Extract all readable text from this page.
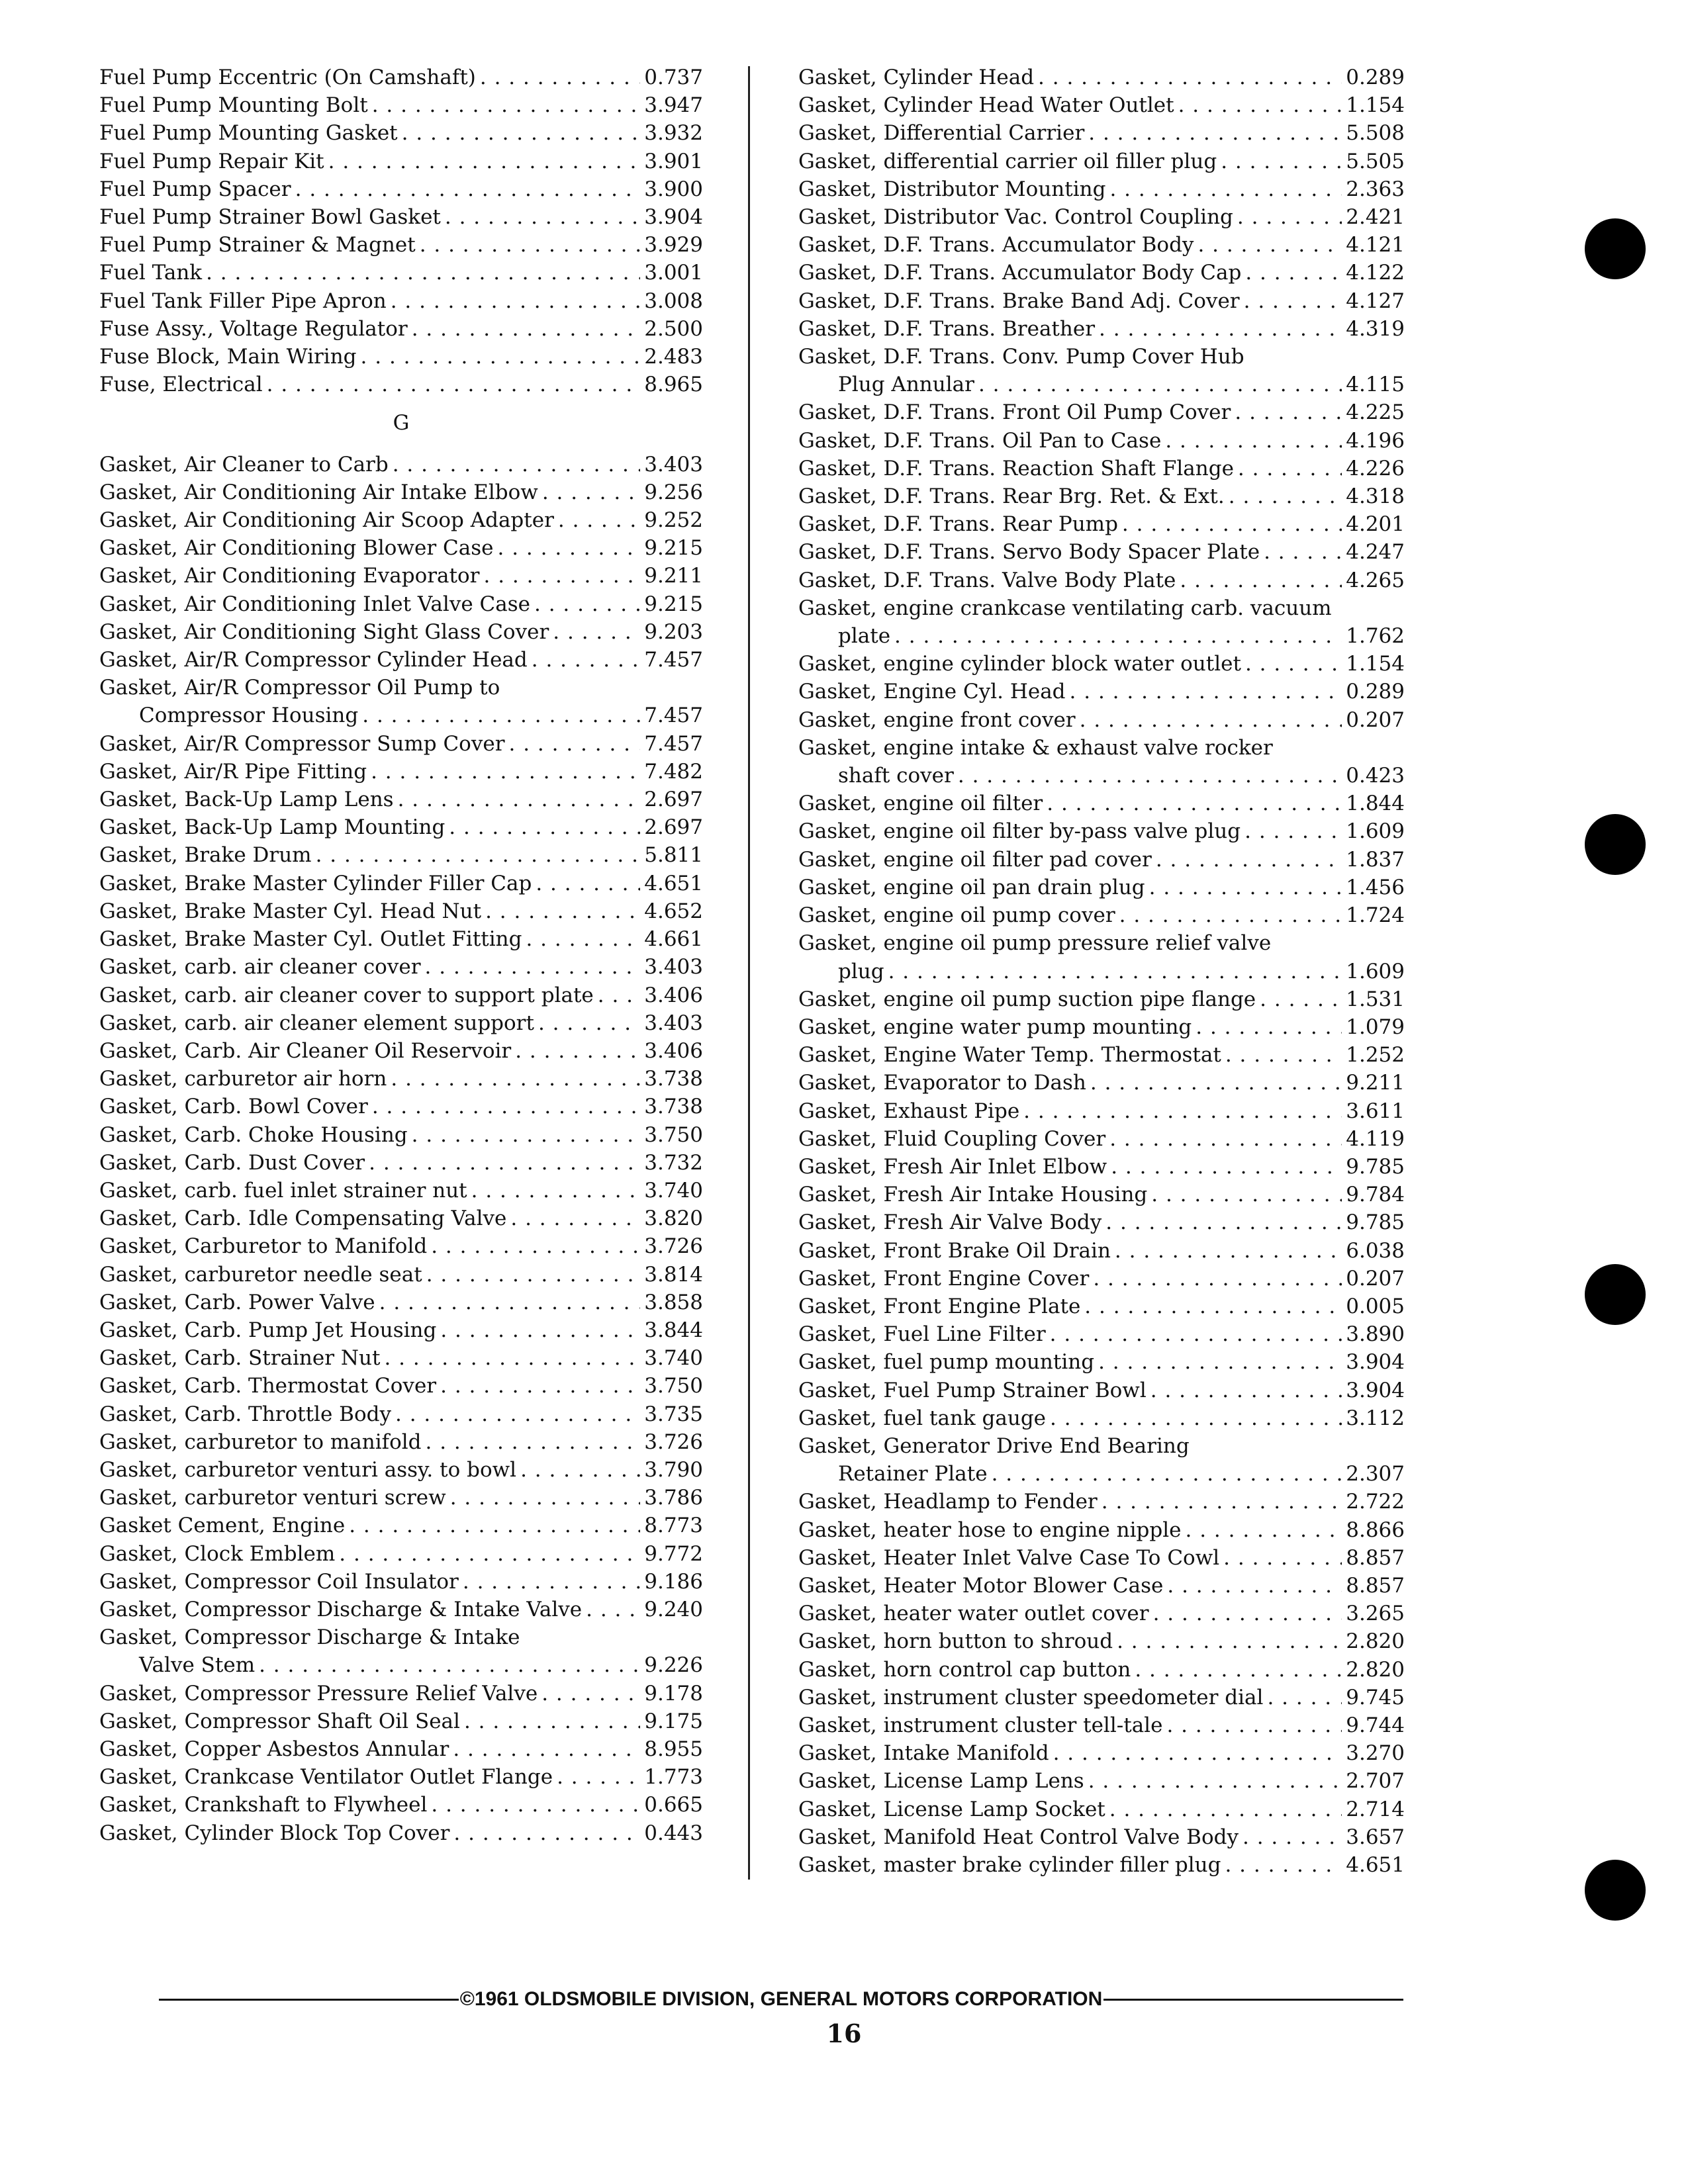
Fuel Pump Eccentric (On Camshaft) . . .	0.737
Fuel Pump Mounting Bolt . . .	3.947
Fuel Pump Mounting Gasket . . .	3.932
Fuel Pump Repair Kit . . .	3.901
Fuel Pump Spacer . . .	3.900
Fuel Pump Strainer Bowl Gasket . . .	3.904
Fuel Pump Strainer & Magnet . . .	3.929
Fuel Tank . . .	3.001
Fuel Tank Filler Pipe Apron . . .	3.008
Fuse Assy., Voltage Regulator . . .	2.500
Fuse Block, Main Wiring . . .	2.483
Fuse, Electrical . . .	8.965
G
Gasket, Air Cleaner to Carb . . .	3.403
Gasket, Air Conditioning Air Intake Elbow . . .	9.256
Gasket, Air Conditioning Air Scoop Adapter . . .	9.252
Gasket, Air Conditioning Blower Case . . .	9.215
Gasket, Air Conditioning Evaporator . . .	9.211
Gasket, Air Conditioning Inlet Valve Case . . .	9.215
Gasket, Air Conditioning Sight Glass Cover . . .	9.203
Gasket, Air/R Compressor Cylinder Head . . .	7.457
Gasket, Air/R Compressor Oil Pump to
Compressor Housing . . .	7.457
Gasket, Air/R Compressor Sump Cover . . .	7.457
Gasket, Air/R Pipe Fitting . . .	7.482
Gasket, Back-Up Lamp Lens . . .	2.697
Gasket, Back-Up Lamp Mounting . . .	2.697
Gasket, Brake Drum . . .	5.811
Gasket, Brake Master Cylinder Filler Cap . . .	4.651
Gasket, Brake Master Cyl. Head Nut . . .	4.652
Gasket, Brake Master Cyl. Outlet Fitting . . .	4.661
Gasket, carb. air cleaner cover . . .	3.403
Gasket, carb. air cleaner cover to support plate . . . 3.406
Gasket, carb. air cleaner element support . . .	3.403
Gasket, Carb. Air Cleaner Oil Reservoir . . .	3.406
Gasket, carburetor air horn . . .	3.738
Gasket, Carb. Bowl Cover . . .	3.738
Gasket, Carb. Choke Housing . . .	3.750
Gasket, Carb. Dust Cover . . .	3.732
Gasket, carb. fuel inlet strainer nut . . .	3.740
Gasket, Carb. Idle Compensating Valve . . .	3.820
Gasket, Carburetor to Manifold . . .	3.726
Gasket, carburetor needle seat . . .	3.814
Gasket, Carb. Power Valve . . .	3.858
Gasket, Carb. Pump Jet Housing . . .	3.844
Gasket, Carb. Strainer Nut . . .	3.740
Gasket, Carb. Thermostat Cover . . .	3.750
Gasket, Carb. Throttle Body . . .	3.735
Gasket, carburetor to manifold . . .	3.726
Gasket, carburetor venturi assy. to bowl . . .	3.790
Gasket, carburetor venturi screw . . .	3.786
Gasket Cement, Engine . . .	8.773
Gasket, Clock Emblem . . .	9.772
Gasket, Compressor Coil Insulator . . .	9.186
Gasket, Compressor Discharge & Intake Valve . . .	9.240
Gasket, Compressor Discharge & Intake
Valve Stem . . .	9.226
Gasket, Compressor Pressure Relief Valve . . .	9.178
Gasket, Compressor Shaft Oil Seal . . .	9.175
Gasket, Copper Asbestos Annular . . .	8.955
Gasket, Crankcase Ventilator Outlet Flange . . .	1.773
Gasket, Crankshaft to Flywheel . . .	0.665
Gasket, Cylinder Block Top Cover . . .	0.443
Gasket, Cylinder Head . . .	0.289
Gasket, Cylinder Head Water Outlet . . .	1.154
Gasket, Differential Carrier . . .	5.508
Gasket, differential carrier oil filler plug . . .	5.505
Gasket, Distributor Mounting . . .	2.363
Gasket, Distributor Vac. Control Coupling . . .	2.421
Gasket, D.F. Trans. Accumulator Body . . .	4.121
Gasket, D.F. Trans. Accumulator Body Cap . . .	4.122
Gasket, D.F. Trans. Brake Band Adj. Cover . . .	4.127
Gasket, D.F. Trans. Breather . . .	4.319
Gasket, D.F. Trans. Conv. Pump Cover Hub
Plug Annular . . .	4.115
Gasket, D.F. Trans. Front Oil Pump Cover . . .	4.225
Gasket, D.F. Trans. Oil Pan to Case . . .	4.196
Gasket, D.F. Trans. Reaction Shaft Flange . . .	4.226
Gasket, D.F. Trans. Rear Brg. Ret. & Ext. . . .	4.318
Gasket, D.F. Trans. Rear Pump . . .	4.201
Gasket, D.F. Trans. Servo Body Spacer Plate . . .	4.247
Gasket, D.F. Trans. Valve Body Plate . . .	4.265
Gasket, engine crankcase ventilating carb. vacuum
plate . . .	1.762
Gasket, engine cylinder block water outlet . . .	1.154
Gasket, Engine Cyl. Head . . .	0.289
Gasket, engine front cover . . .	0.207
Gasket, engine intake & exhaust valve rocker
shaft cover . . .	0.423
Gasket, engine oil filter . . .	1.844
Gasket, engine oil filter by-pass valve plug . . .	1.609
Gasket, engine oil filter pad cover . . .	1.837
Gasket, engine oil pan drain plug . . .	1.456
Gasket, engine oil pump cover . . .	1.724
Gasket, engine oil pump pressure relief valve
plug . . .	1.609
Gasket, engine oil pump suction pipe flange . . .	1.531
Gasket, engine water pump mounting . . .	1.079
Gasket, Engine Water Temp. Thermostat . . .	1.252
Gasket, Evaporator to Dash . . .	9.211
Gasket, Exhaust Pipe . . .	3.611
Gasket, Fluid Coupling Cover . . .	4.119
Gasket, Fresh Air Inlet Elbow . . .	9.785
Gasket, Fresh Air Intake Housing . . .	9.784
Gasket, Fresh Air Valve Body . . .	9.785
Gasket, Front Brake Oil Drain . . .	6.038
Gasket, Front Engine Cover . . .	0.207
Gasket, Front Engine Plate . . .	0.005
Gasket, Fuel Line Filter . . .	3.890
Gasket, fuel pump mounting . . .	3.904
Gasket, Fuel Pump Strainer Bowl . . .	3.904
Gasket, fuel tank gauge . . .	3.112
Gasket, Generator Drive End Bearing
Retainer Plate . . .	2.307
Gasket, Headlamp to Fender . . .	2.722
Gasket, heater hose to engine nipple . . .	8.866
Gasket, Heater Inlet Valve Case To Cowl . . .	8.857
Gasket, Heater Motor Blower Case . . .	8.857
Gasket, heater water outlet cover . . .	3.265
Gasket, horn button to shroud . . .	2.820
Gasket, horn control cap button . . .	2.820
Gasket, instrument cluster speedometer dial . . .	9.745
Gasket, instrument cluster tell-tale . . .	9.744
Gasket, Intake Manifold . . .	3.270
Gasket, License Lamp Lens . . .	2.707
Gasket, License Lamp Socket . . .	2.714
Gasket, Manifold Heat Control Valve Body . . .	3.657
Gasket, master brake cylinder filler plug . . .	4.651
©1961 OLDSMOBILE DIVISION, GENERAL MOTORS CORPORATION
16
